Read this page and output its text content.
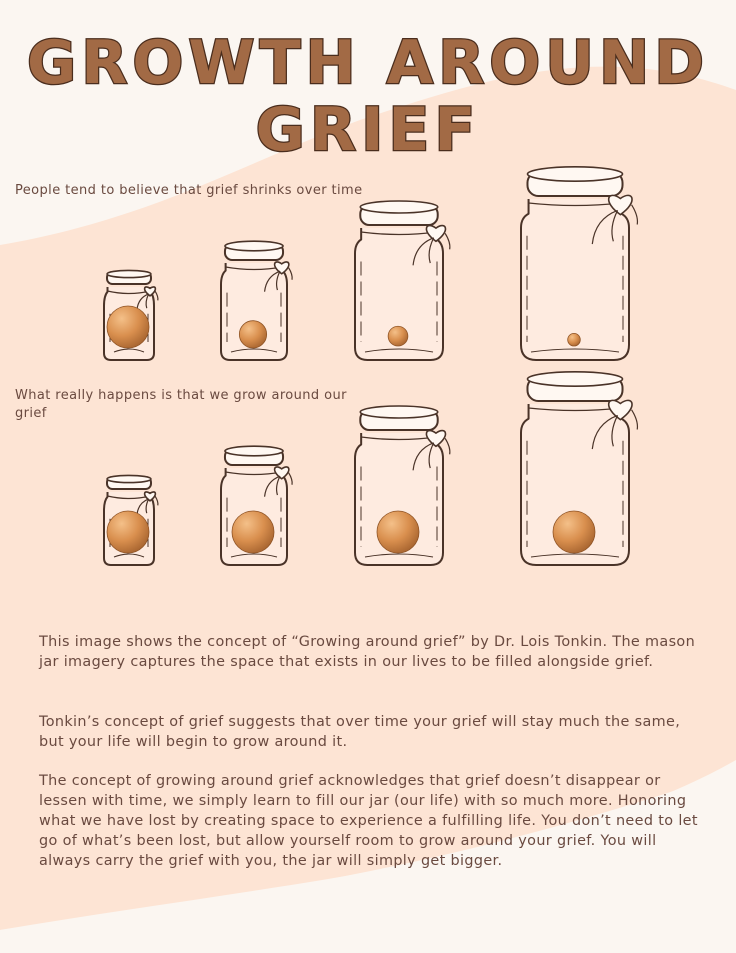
GROWTH AROUND
GRIEF
People tend to believe that grief shrinks over time
What really happens is that we grow around our grief

This image shows the concept of “Growing around grief” by Dr. Lois Tonkin. The mason jar imagery captures the space that exists in our lives to be filled alongside grief.

Tonkin’s concept of grief suggests that over time your grief will stay much the same, but your life will begin to grow around it.

The concept of growing around grief acknowledges that grief doesn’t disappear or lessen with time, we simply learn to fill our jar (our life) with so much more. Honoring what we have lost by creating space to experience a fulfilling life. You don’t need to let go of what’s been lost, but allow yourself room to grow around your grief. You will always carry the grief with you, the jar will simply get bigger.
